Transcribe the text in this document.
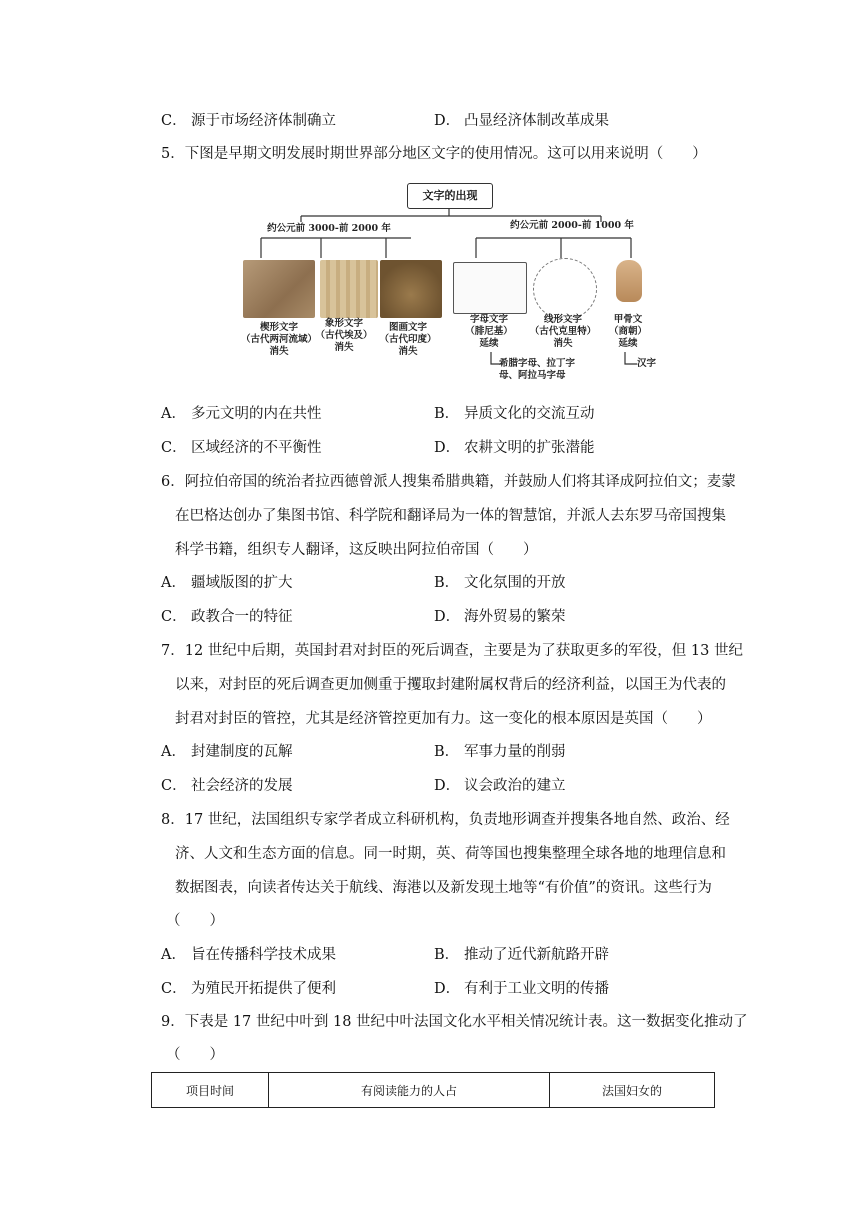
C． 源于市场经济体制确立	D． 凸显经济体制改革成果
5．下图是早期文明发展时期世界部分地区文字的使用情况。这可以用来说明（　　）
文字的出现
约公元前 3000-前 2000 年	约公元前 2000-前 1000 年
楔形文字
（古代两河流域）
消失
象形文字
（古代埃及）
消失
图画文字
（古代印度）
消失
字母文字
（腓尼基）
延续
线形文字
（古代克里特）
消失
甲骨文
（商朝）
延续
希腊字母、拉丁字
母、阿拉马字母
汉字
A． 多元文明的内在共性	B． 异质文化的交流互动
C． 区域经济的不平衡性	D． 农耕文明的扩张潜能
6．阿拉伯帝国的统治者拉西德曾派人搜集希腊典籍，并鼓励人们将其译成阿拉伯文；麦蒙
在巴格达创办了集图书馆、科学院和翻译局为一体的智慧馆，并派人去东罗马帝国搜集
科学书籍，组织专人翻译，这反映出阿拉伯帝国（　　）
A． 疆域版图的扩大	B． 文化氛围的开放
C． 政教合一的特征	D． 海外贸易的繁荣
7．12 世纪中后期，英国封君对封臣的死后调查，主要是为了获取更多的军役，但 13 世纪
以来，对封臣的死后调查更加侧重于攫取封建附属权背后的经济利益，以国王为代表的
封君对封臣的管控，尤其是经济管控更加有力。这一变化的根本原因是英国（　　）
A． 封建制度的瓦解	B． 军事力量的削弱
C． 社会经济的发展	D． 议会政治的建立
8．17 世纪，法国组织专家学者成立科研机构，负责地形调查并搜集各地自然、政治、经
济、人文和生态方面的信息。同一时期，英、荷等国也搜集整理全球各地的地理信息和
数据图表，向读者传达关于航线、海港以及新发现土地等“有价值”的资讯。这些行为
（　　）
A． 旨在传播科学技术成果	B． 推动了近代新航路开辟
C． 为殖民开拓提供了便利	D． 有利于工业文明的传播
9．下表是 17 世纪中叶到 18 世纪中叶法国文化水平相关情况统计表。这一数据变化推动了
（　　）
项目时间	有阅读能力的人占	法国妇女的
